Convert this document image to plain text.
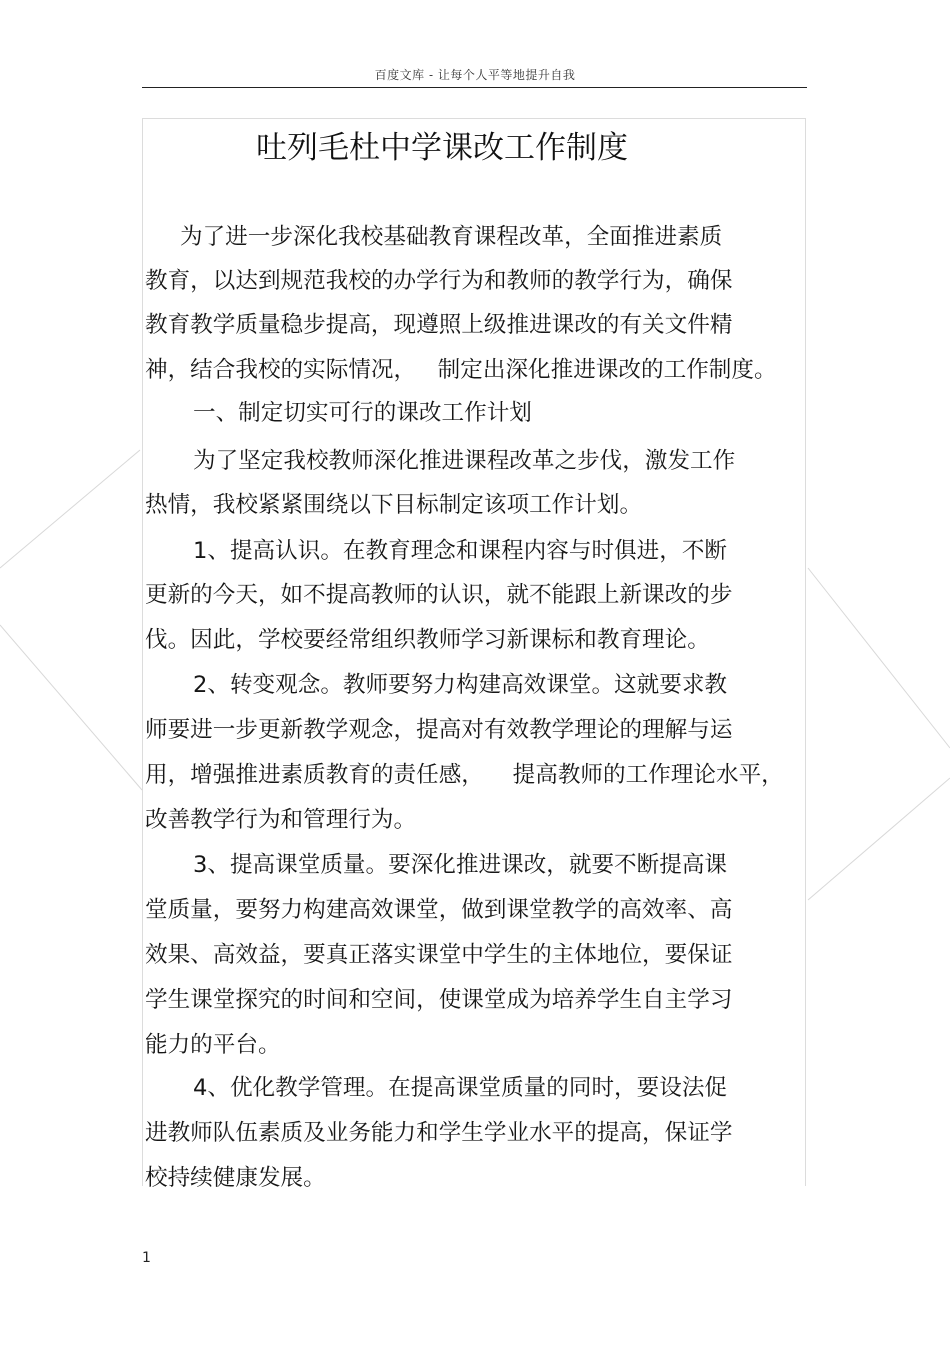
百度文库 - 让每个人平等地提升自我
吐列毛杜中学课改工作制度
为了进一步深化我校基础教育课程改革，全面推进素质
教育，以达到规范我校的办学行为和教师的教学行为，确保
教育教学质量稳步提高，现遵照上级推进课改的有关文件精
神，结合我校的实际情况，   制定出深化推进课改的工作制度。
一、制定切实可行的课改工作计划
为了坚定我校教师深化推进课程改革之步伐，激发工作
热情，我校紧紧围绕以下目标制定该项工作计划。
1、提高认识。在教育理念和课程内容与时俱进，不断
更新的今天，如不提高教师的认识，就不能跟上新课改的步
伐。因此，学校要经常组织教师学习新课标和教育理论。
2、转变观念。教师要努力构建高效课堂。这就要求教
师要进一步更新教学观念，提高对有效教学理论的理解与运
用，增强推进素质教育的责任感，    提高教师的工作理论水平，
改善教学行为和管理行为。
3、提高课堂质量。要深化推进课改，就要不断提高课
堂质量，要努力构建高效课堂，做到课堂教学的高效率、高
效果、高效益，要真正落实课堂中学生的主体地位，要保证
学生课堂探究的时间和空间，使课堂成为培养学生自主学习
能力的平台。
4、优化教学管理。在提高课堂质量的同时，要设法促
进教师队伍素质及业务能力和学生学业水平的提高，保证学
校持续健康发展。
1
